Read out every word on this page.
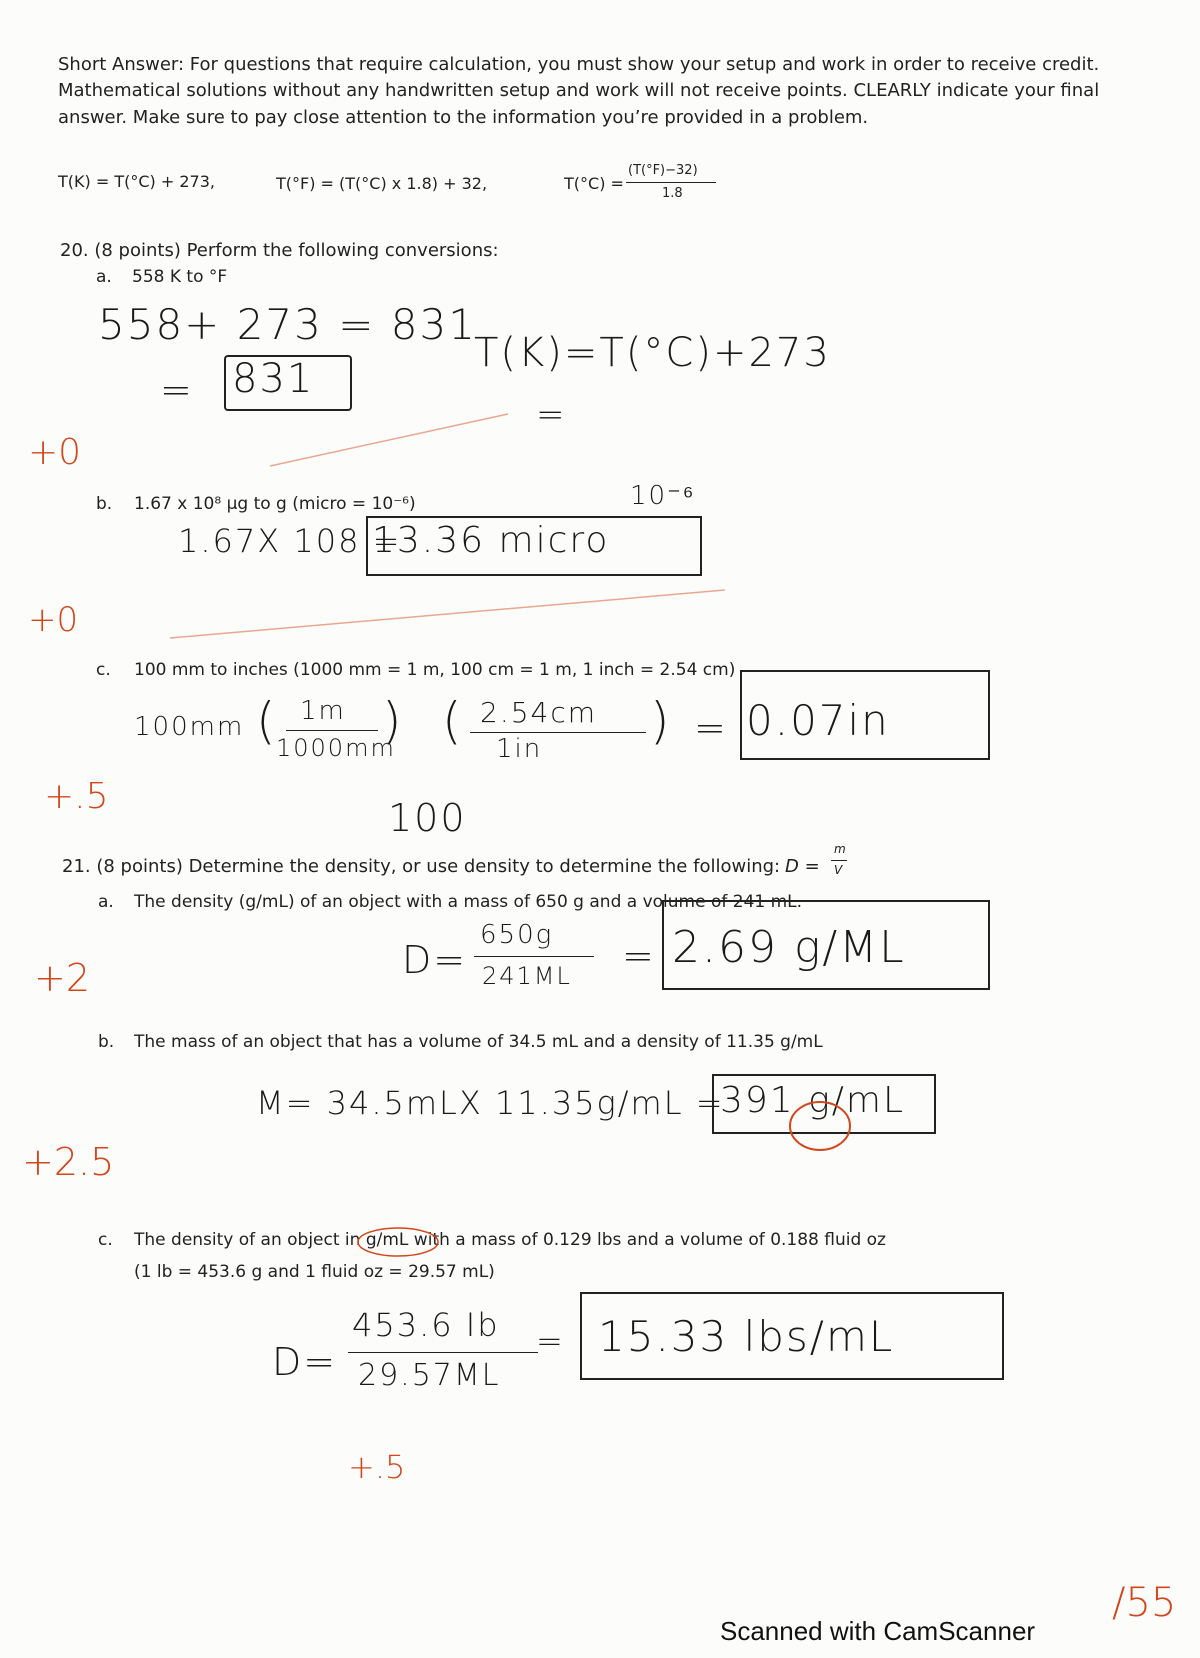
Short Answer: For questions that require calculation, you must show your setup and work in order to receive credit.
Mathematical solutions without any handwritten setup and work will not receive points. CLEARLY indicate your final
answer. Make sure to pay close attention to the information you’re provided in a problem.
T(K) = T(°C) + 273,	T(°F) = (T(°C) x 1.8) + 32,	T(°C) =
(T(°F)−32)
1.8
20. (8 points) Perform the following conversions:
a. 558 K to °F
558+ 273 = 831
= 831
T(K)=T(°C)+273
=
+0
b. 1.67 x 10⁸ µg to g (micro = 10⁻⁶)
1.67X 108 =
13.36 micro
10⁻⁶
+0
c. 100 mm to inches (1000 mm = 1 m, 100 cm = 1 m, 1 inch = 2.54 cm)
100mm ( 1m
1000mm
) ( 2.54cm
1in ) = 0.07in
100
+.5
21. (8 points) Determine the density, or use density to determine the following: D =
m
V
a. The density (g/mL) of an object with a mass of 650 g and a volume of 241 mL.
D=
650g
241ML = 2.69 g/ML
+2
b. The mass of an object that has a volume of 34.5 mL and a density of 11.35 g/mL
M= 34.5mLX 11.35g/mL =
391 g/mL
+2.5
c. The density of an object in g/mL with a mass of 0.129 lbs and a volume of 0.188 fluid oz
(1 lb = 453.6 g and 1 fluid oz = 29.57 mL)
D=
453.6 Ib
29.57ML
= 15.33 lbs/mL
+.5
/55
Scanned with CamScanner
